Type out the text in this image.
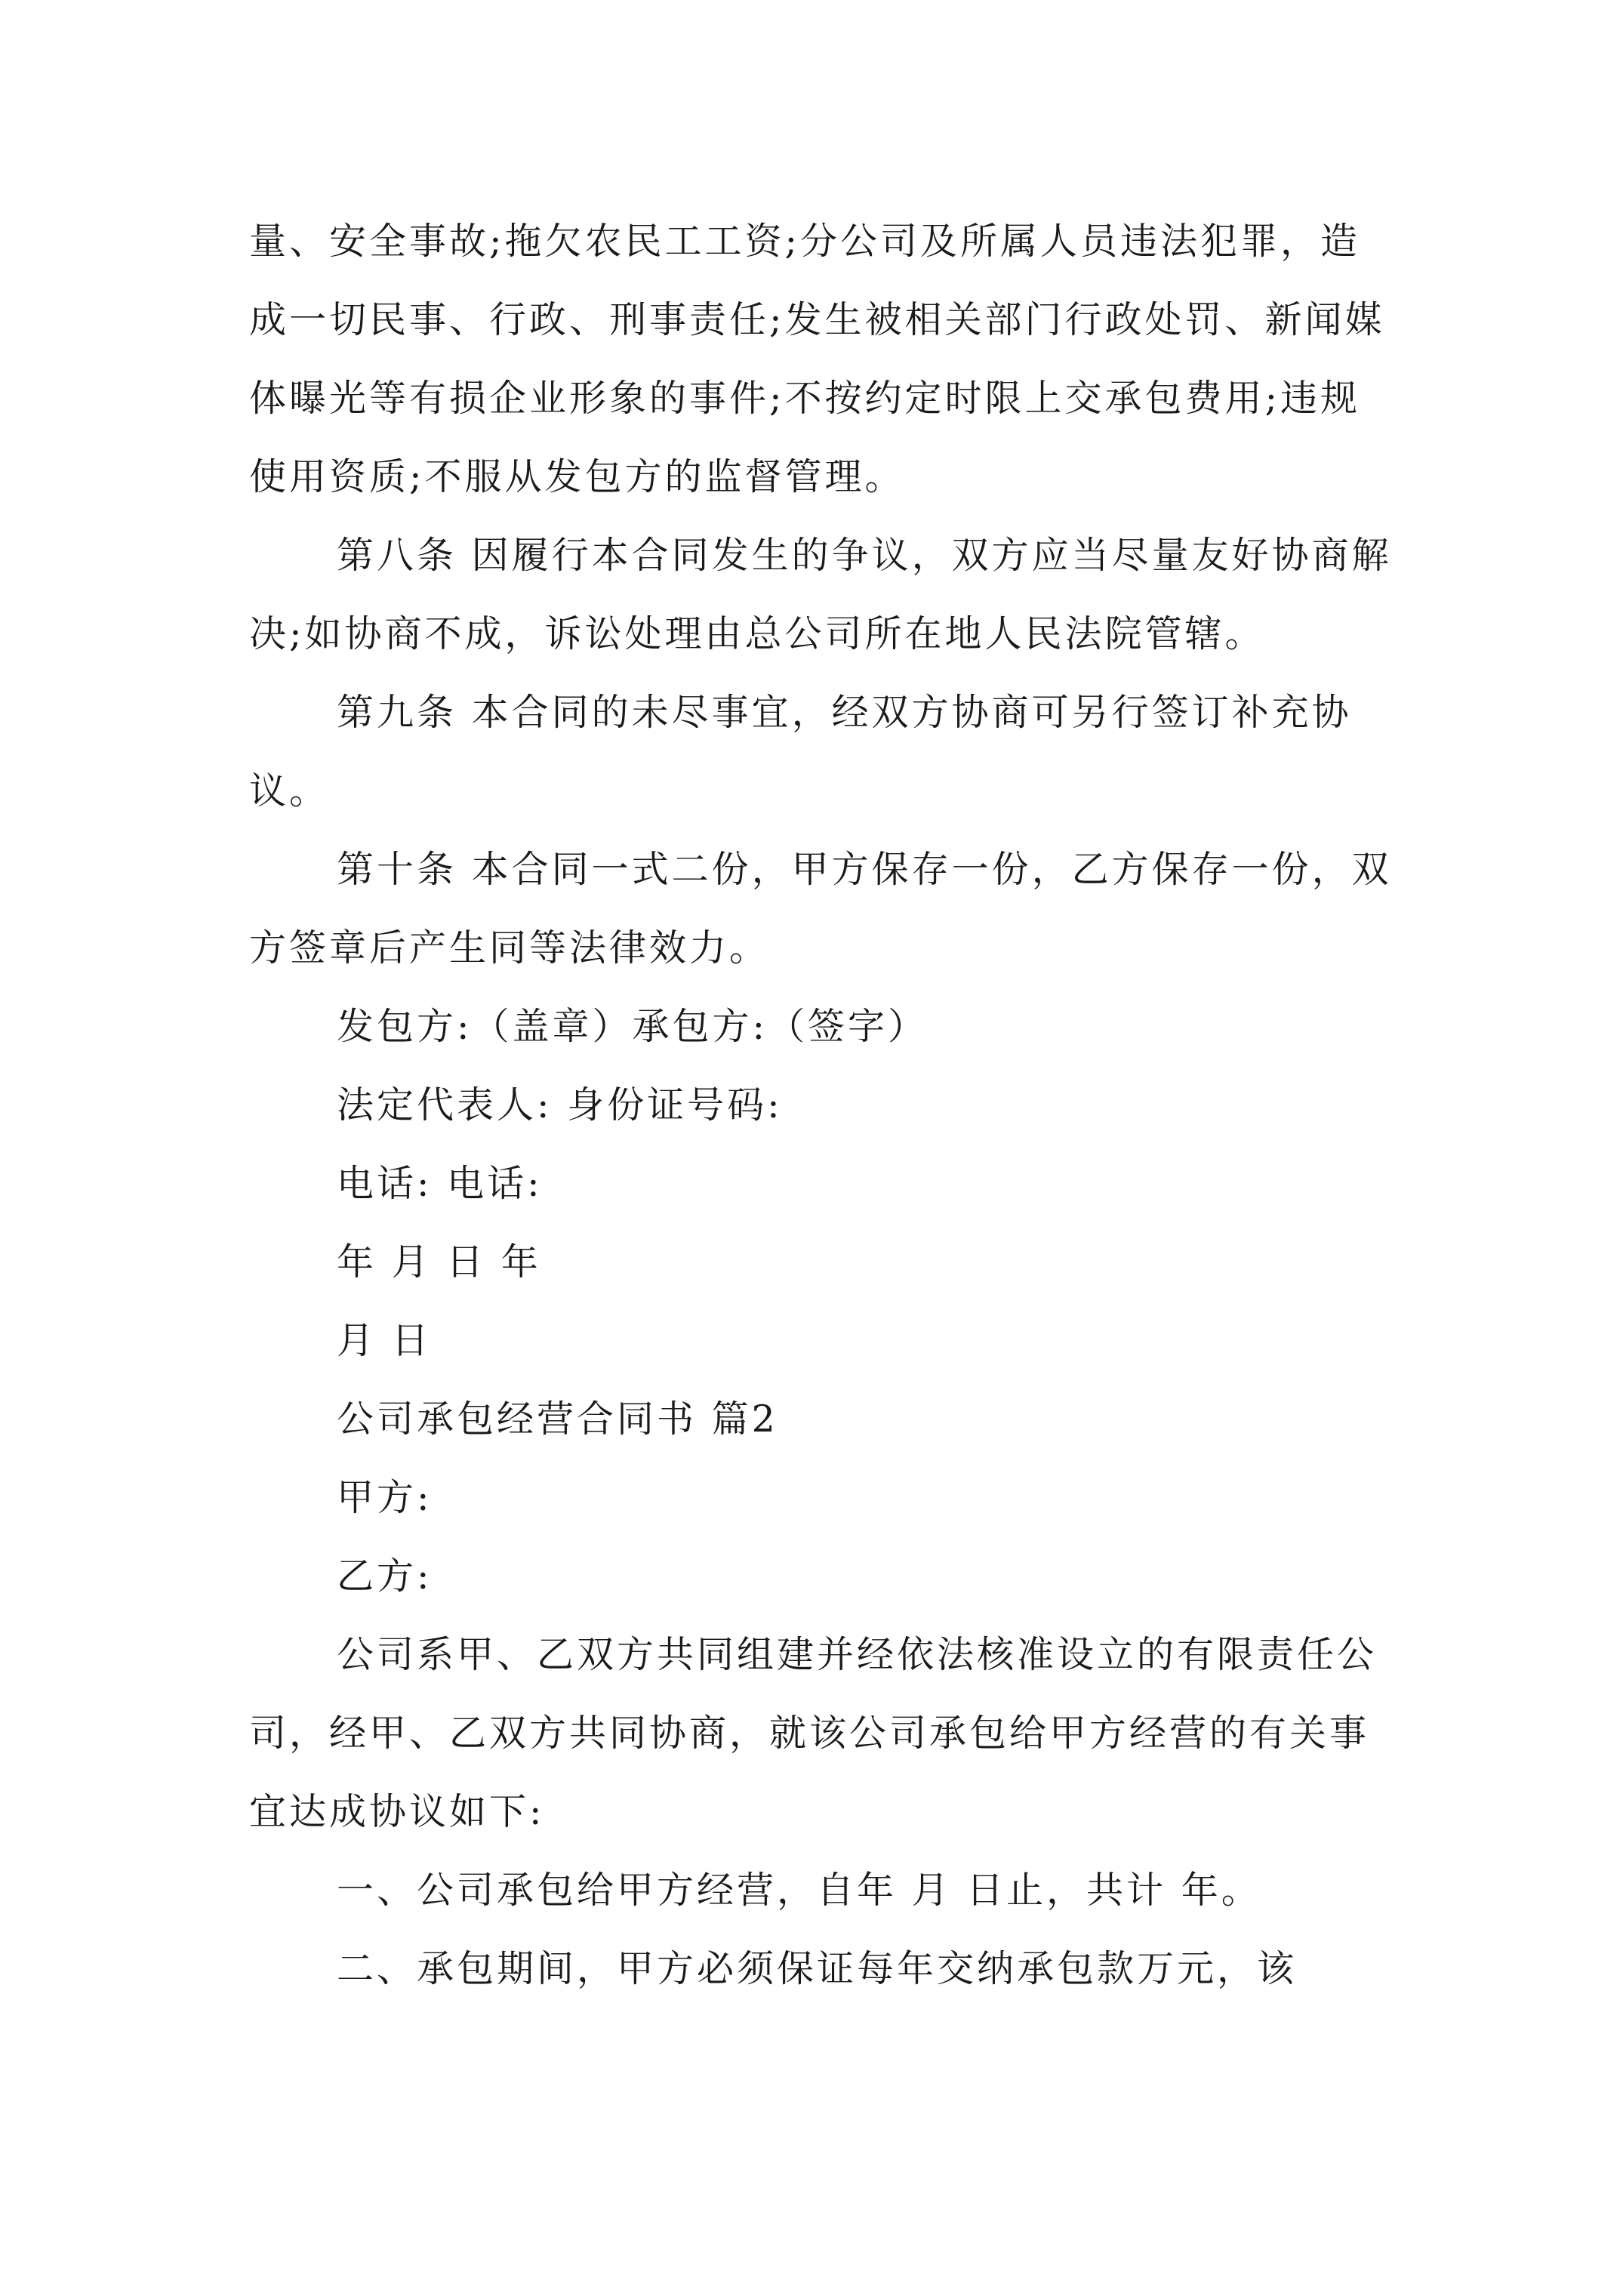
量、安全事故;拖欠农民工工资;分公司及所属人员违法犯罪，造成一切民事、行政、刑事责任;发生被相关部门行政处罚、新闻媒体曝光等有损企业形象的事件;不按约定时限上交承包费用;违规使用资质;不服从发包方的监督管理。

第八条 因履行本合同发生的争议，双方应当尽量友好协商解决;如协商不成，诉讼处理由总公司所在地人民法院管辖。

第九条 本合同的未尽事宜，经双方协商可另行签订补充协议。

第十条 本合同一式二份，甲方保存一份，乙方保存一份，双方签章后产生同等法律效力。

发包方:（盖章）承包方:（签字）

法定代表人: 身份证号码:

电话: 电话:

年 月 日 年

月 日

公司承包经营合同书 篇2

甲方:

乙方:

公司系甲、乙双方共同组建并经依法核准设立的有限责任公司，经甲、乙双方共同协商，就该公司承包给甲方经营的有关事宜达成协议如下:

一、公司承包给甲方经营，自年 月 日止，共计 年。

二、承包期间，甲方必须保证每年交纳承包款万元，该
